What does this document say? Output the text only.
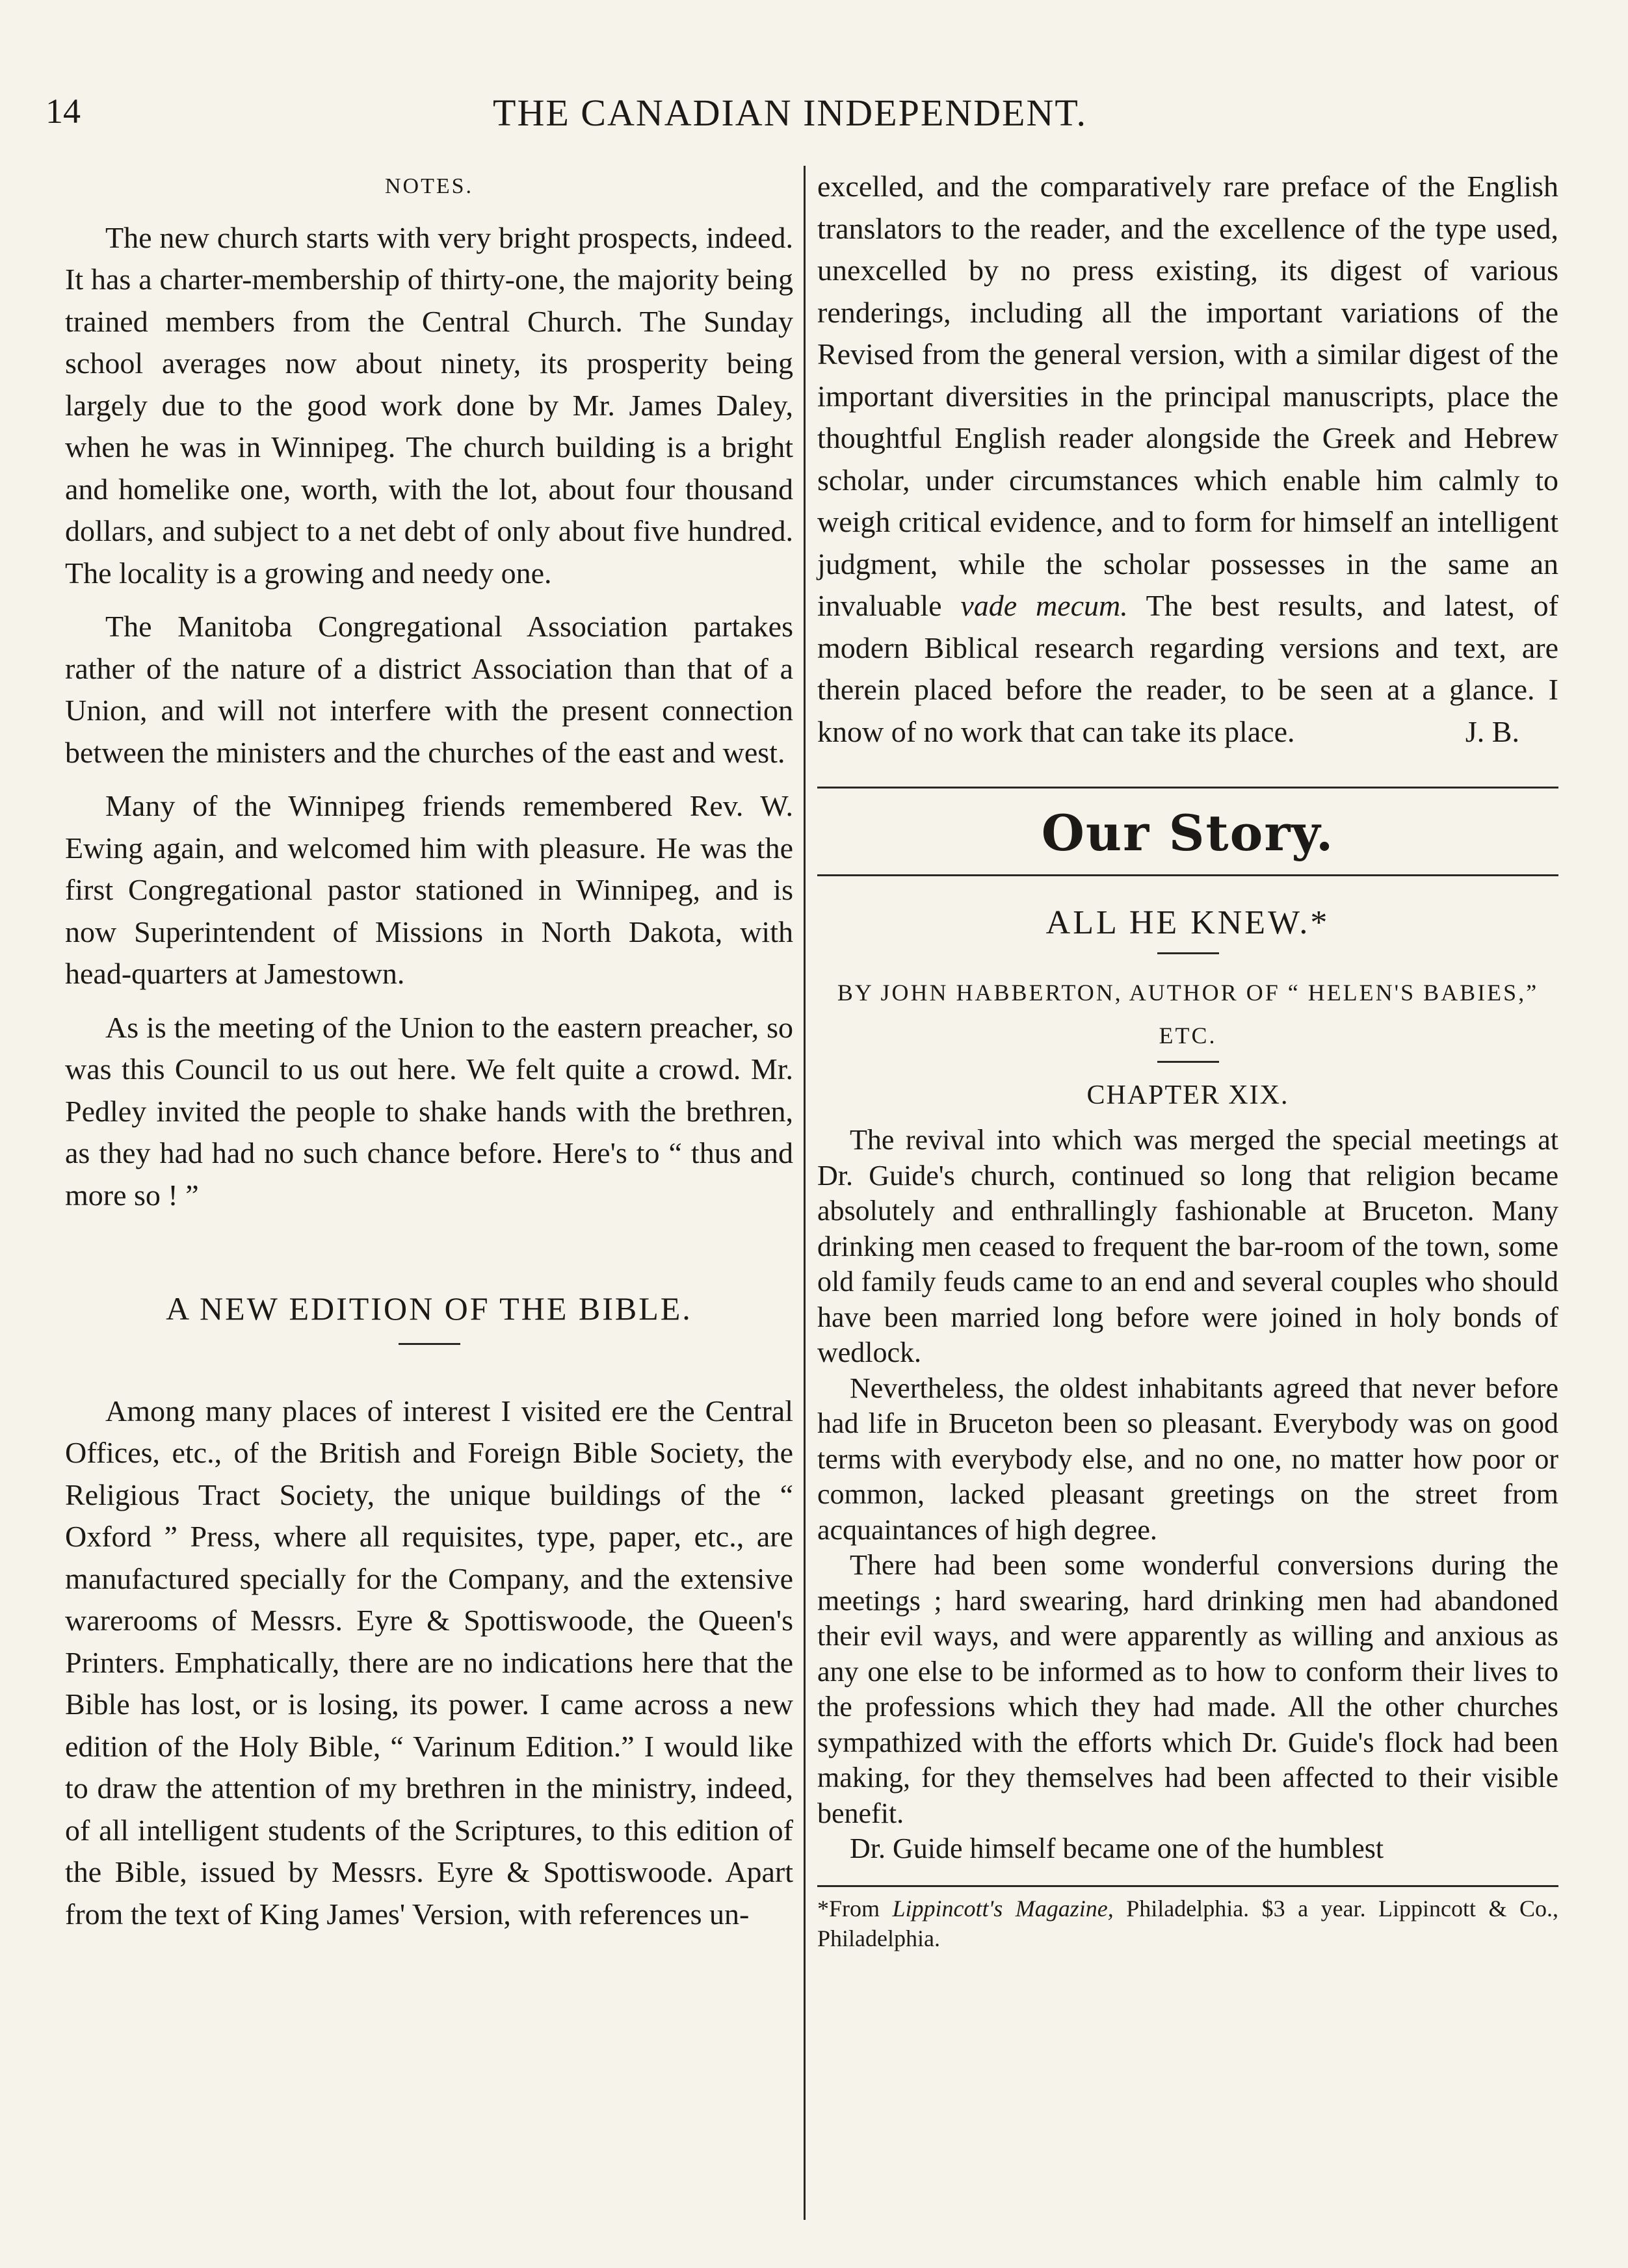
14	THE CANADIAN INDEPENDENT.
NOTES.

The new church starts with very bright prospects, indeed. It has a charter-membership of thirty-one, the majority being trained members from the Central Church. The Sunday school averages now about ninety, its prosperity being largely due to the good work done by Mr. James Daley, when he was in Winnipeg. The church building is a bright and homelike one, worth, with the lot, about four thousand dollars, and subject to a net debt of only about five hundred. The locality is a growing and needy one.

The Manitoba Congregational Association partakes rather of the nature of a district Association than that of a Union, and will not interfere with the present connection between the ministers and the churches of the east and west.

Many of the Winnipeg friends remembered Rev. W. Ewing again, and welcomed him with pleasure. He was the first Congregational pastor stationed in Winnipeg, and is now Superintendent of Missions in North Dakota, with head-quarters at Jamestown.

As is the meeting of the Union to the eastern preacher, so was this Council to us out here. We felt quite a crowd. Mr. Pedley invited the people to shake hands with the brethren, as they had had no such chance before. Here's to “ thus and more so ! ”

A NEW EDITION OF THE BIBLE.

Among many places of interest I visited ere the Central Offices, etc., of the British and Foreign Bible Society, the Religious Tract Society, the unique buildings of the “ Oxford ” Press, where all requisites, type, paper, etc., are manufactured specially for the Company, and the extensive warerooms of Messrs. Eyre & Spottiswoode, the Queen's Printers. Emphatically, there are no indications here that the Bible has lost, or is losing, its power. I came across a new edition of the Holy Bible, “ Varinum Edition.” I would like to draw the attention of my brethren in the ministry, indeed, of all intelligent students of the Scriptures, to this edition of the Bible, issued by Messrs. Eyre & Spottiswoode. Apart from the text of King James' Version, with references un-

excelled, and the comparatively rare preface of the English translators to the reader, and the excellence of the type used, unexcelled by no press existing, its digest of various renderings, including all the important variations of the Revised from the general version, with a similar digest of the important diversities in the principal manuscripts, place the thoughtful English reader alongside the Greek and Hebrew scholar, under circumstances which enable him calmly to weigh critical evidence, and to form for himself an intelligent judgment, while the scholar possesses in the same an invaluable vade mecum. The best results, and latest, of modern Biblical research regarding versions and text, are therein placed before the reader, to be seen at a glance. I know of no work that can take its place.	J. B.

Our Story.
ALL HE KNEW.*
BY JOHN HABBERTON, AUTHOR OF “ HELEN'S BABIES,” ETC.
CHAPTER XIX.

The revival into which was merged the special meetings at Dr. Guide's church, continued so long that religion became absolutely and enthrallingly fashionable at Bruceton. Many drinking men ceased to frequent the bar-room of the town, some old family feuds came to an end and several couples who should have been married long before were joined in holy bonds of wedlock.

Nevertheless, the oldest inhabitants agreed that never before had life in Bruceton been so pleasant. Everybody was on good terms with everybody else, and no one, no matter how poor or common, lacked pleasant greetings on the street from acquaintances of high degree.

There had been some wonderful conversions during the meetings ; hard swearing, hard drinking men had abandoned their evil ways, and were apparently as willing and anxious as any one else to be informed as to how to conform their lives to the professions which they had made. All the other churches sympathized with the efforts which Dr. Guide's flock had been making, for they themselves had been affected to their visible benefit.

Dr. Guide himself became one of the humblest

*From Lippincott's Magazine, Philadelphia. $3 a year. Lippincott & Co., Philadelphia.
